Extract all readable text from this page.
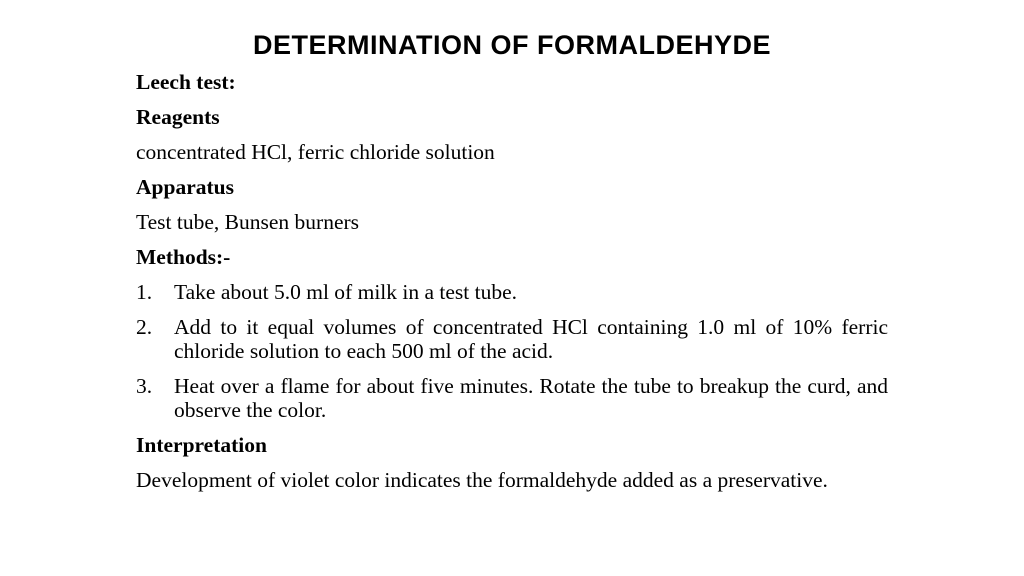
DETERMINATION OF FORMALDEHYDE
Leech test:
Reagents
concentrated HCl, ferric chloride solution
Apparatus
Test tube, Bunsen burners
Methods:-
1.	Take about 5.0 ml of milk in a test tube.
2.	Add to it equal volumes of concentrated HCl containing 1.0 ml of 10% ferric chloride solution to each 500 ml of the acid.
3.	Heat over a flame for about five minutes. Rotate the tube to breakup the curd, and observe the color.
Interpretation
Development of violet color indicates the formaldehyde added as a preservative.
